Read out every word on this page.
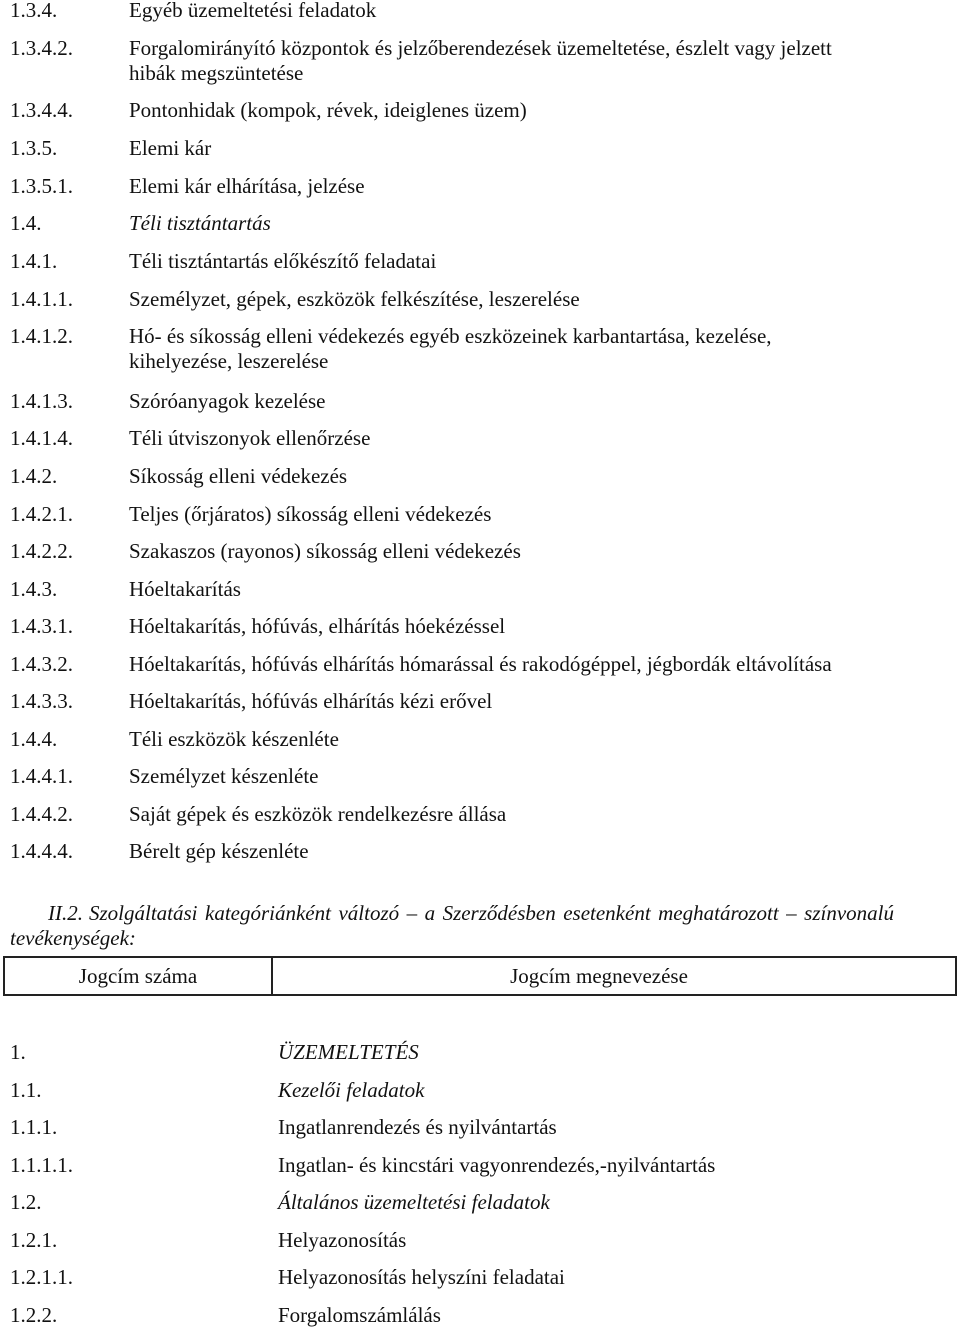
1.3.4.	Egyéb üzemeltetési feladatok
1.3.4.2.	Forgalomirányító központok és jelzőberendezések üzemeltetése, észlelt vagy jelzett
hibák megszüntetése
1.3.4.4.	Pontonhidak (kompok, révek, ideiglenes üzem)
1.3.5.	Elemi kár
1.3.5.1.	Elemi kár elhárítása, jelzése
1.4.	Téli tisztántartás
1.4.1.	Téli tisztántartás előkészítő feladatai
1.4.1.1.	Személyzet, gépek, eszközök felkészítése, leszerelése
1.4.1.2.	Hó- és síkosság elleni védekezés egyéb eszközeinek karbantartása, kezelése,
kihelyezése, leszerelése
1.4.1.3.	Szóróanyagok kezelése
1.4.1.4.	Téli útviszonyok ellenőrzése
1.4.2.	Síkosság elleni védekezés
1.4.2.1.	Teljes (őrjáratos) síkosság elleni védekezés
1.4.2.2.	Szakaszos (rayonos) síkosság elleni védekezés
1.4.3.	Hóeltakarítás
1.4.3.1.	Hóeltakarítás, hófúvás, elhárítás hóekézéssel
1.4.3.2.	Hóeltakarítás, hófúvás elhárítás hómarással és rakodógéppel, jégbordák eltávolítása
1.4.3.3.	Hóeltakarítás, hófúvás elhárítás kézi erővel
1.4.4.	Téli eszközök készenléte
1.4.4.1.	Személyzet készenléte
1.4.4.2.	Saját gépek és eszközök rendelkezésre állása
1.4.4.4.	Bérelt gép készenléte
II.2. Szolgáltatási kategóriánként változó – a Szerződésben esetenként meghatározott – színvonalú tevékenységek:
Jogcím száma	Jogcím megnevezése
1.	ÜZEMELTETÉS
1.1.	Kezelői feladatok
1.1.1.	Ingatlanrendezés és nyilvántartás
1.1.1.1.	Ingatlan- és kincstári vagyonrendezés,-nyilvántartás
1.2.	Általános üzemeltetési feladatok
1.2.1.	Helyazonosítás
1.2.1.1.	Helyazonosítás helyszíni feladatai
1.2.2.	Forgalomszámlálás
